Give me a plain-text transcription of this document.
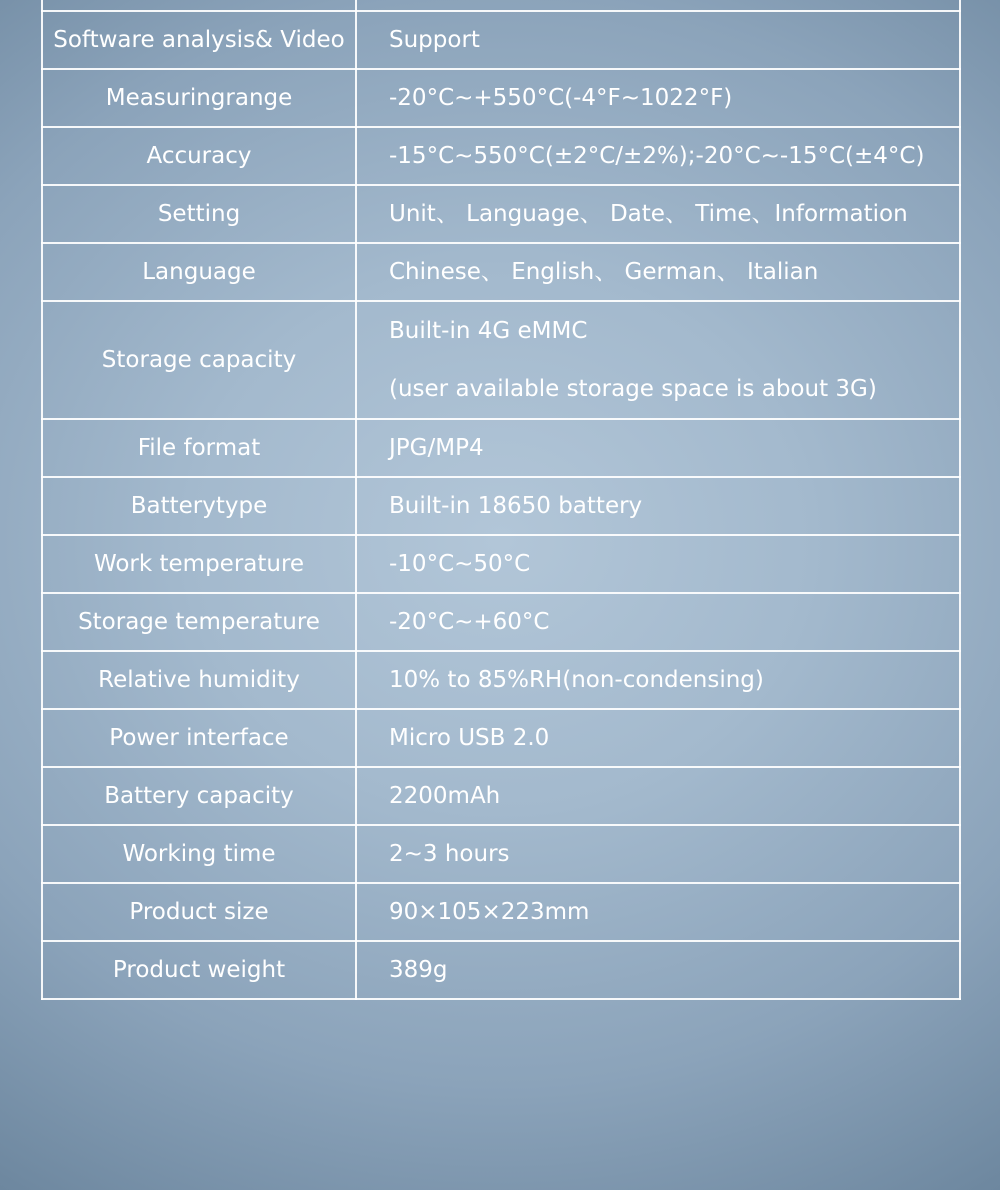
Software analysis& Video	Support

Measuringrange	-20°C~+550°C(-4°F~1022°F)

Accuracy	-15°C~550°C(±2°C/±2%);-20°C~-15°C(±4°C)

Setting	Unit、 Language、 Date、 Time、Information

Language	Chinese、 English、 German、 Italian

Storage capacity	Built-in 4G eMMC
(user available storage space is about 3G)

File format	JPG/MP4

Batterytype	Built-in 18650 battery

Work temperature	-10°C~50°C

Storage temperature	-20°C~+60°C

Relative humidity	10% to 85%RH(non-condensing)

Power interface	Micro USB 2.0

Battery capacity	2200mAh

Working time	2~3 hours

Product size	90×105×223mm

Product weight	389g
